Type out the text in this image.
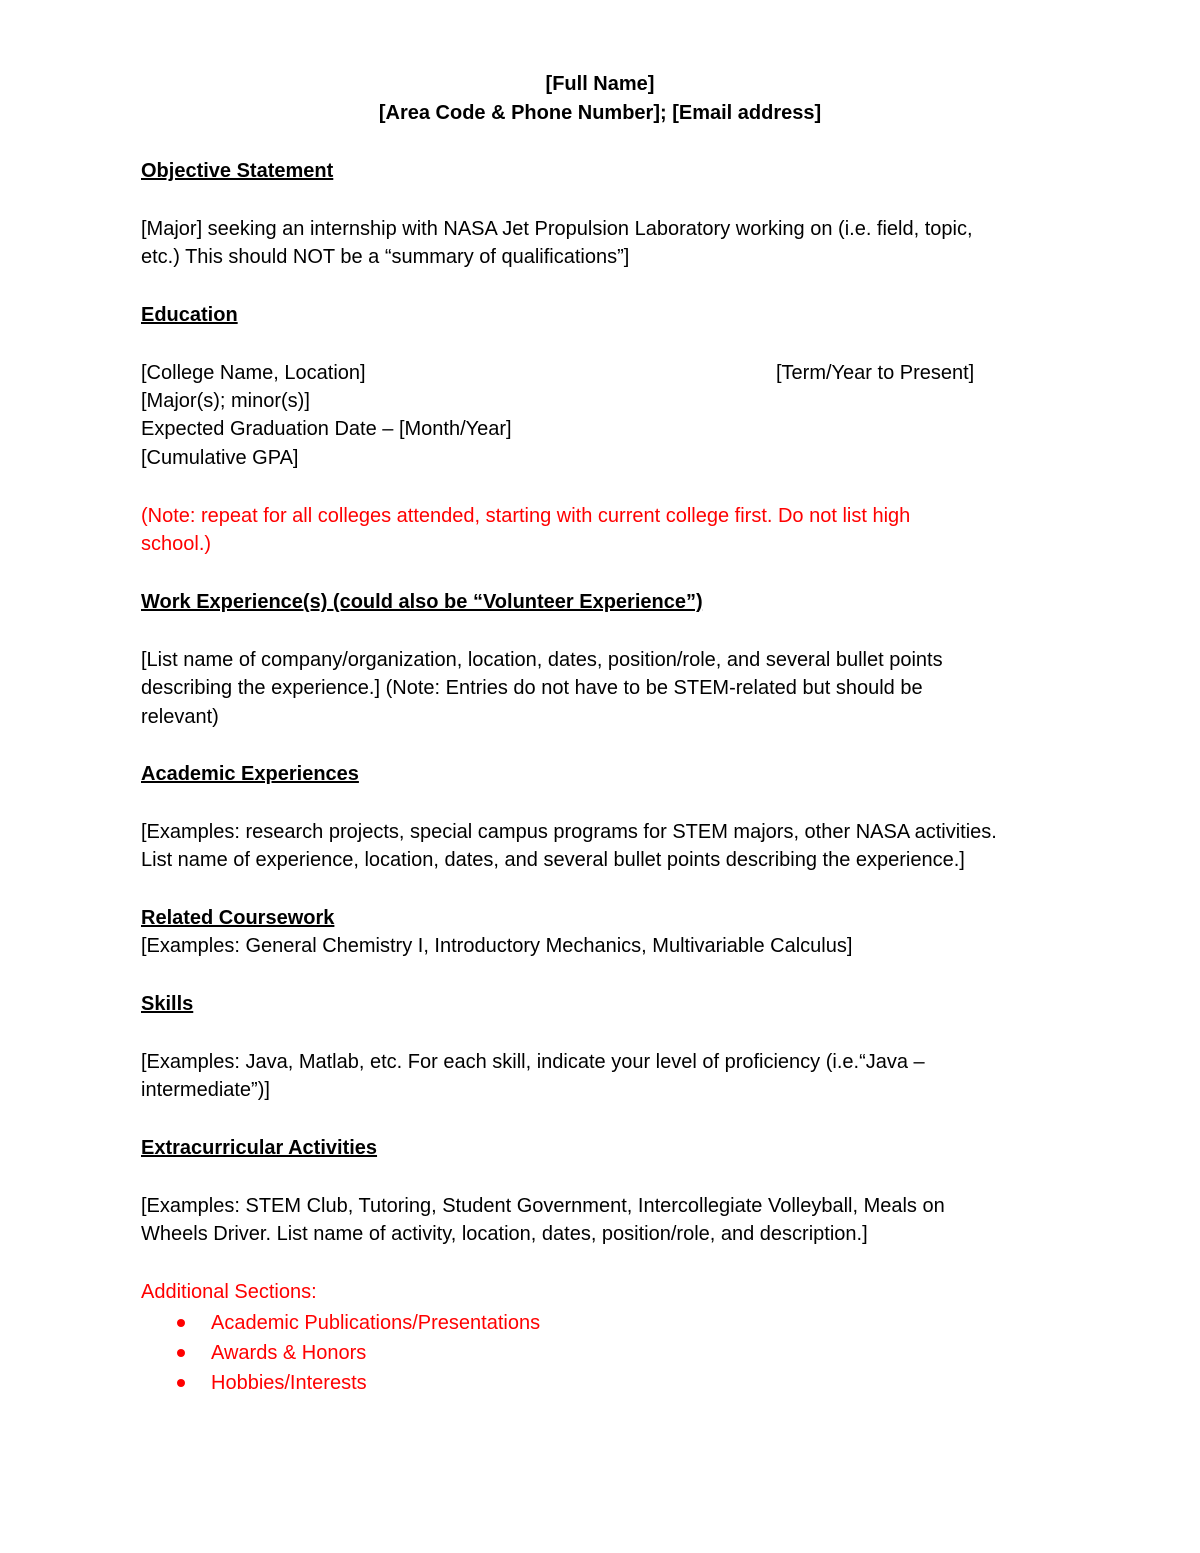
[Full Name]
[Area Code & Phone Number]; [Email address]
Objective Statement
[Major] seeking an internship with NASA Jet Propulsion Laboratory working on (i.e. field, topic,
etc.) This should NOT be a “summary of qualifications”]
Education
[College Name, Location]	[Term/Year to Present]
[Major(s); minor(s)]
Expected Graduation Date – [Month/Year]
[Cumulative GPA]
(Note: repeat for all colleges attended, starting with current college first. Do not list high
school.)
Work Experience(s) (could also be “Volunteer Experience”)
[List name of company/organization, location, dates, position/role, and several bullet points
describing the experience.] (Note: Entries do not have to be STEM-related but should be
relevant)
Academic Experiences
[Examples: research projects, special campus programs for STEM majors, other NASA activities.
List name of experience, location, dates, and several bullet points describing the experience.]
Related Coursework
[Examples: General Chemistry I, Introductory Mechanics, Multivariable Calculus]
Skills
[Examples: Java, Matlab, etc. For each skill, indicate your level of proficiency (i.e.“Java –
intermediate”)]
Extracurricular Activities
[Examples: STEM Club, Tutoring, Student Government, Intercollegiate Volleyball, Meals on
Wheels Driver. List name of activity, location, dates, position/role, and description.]
Additional Sections:
Academic Publications/Presentations
Awards & Honors
Hobbies/Interests
